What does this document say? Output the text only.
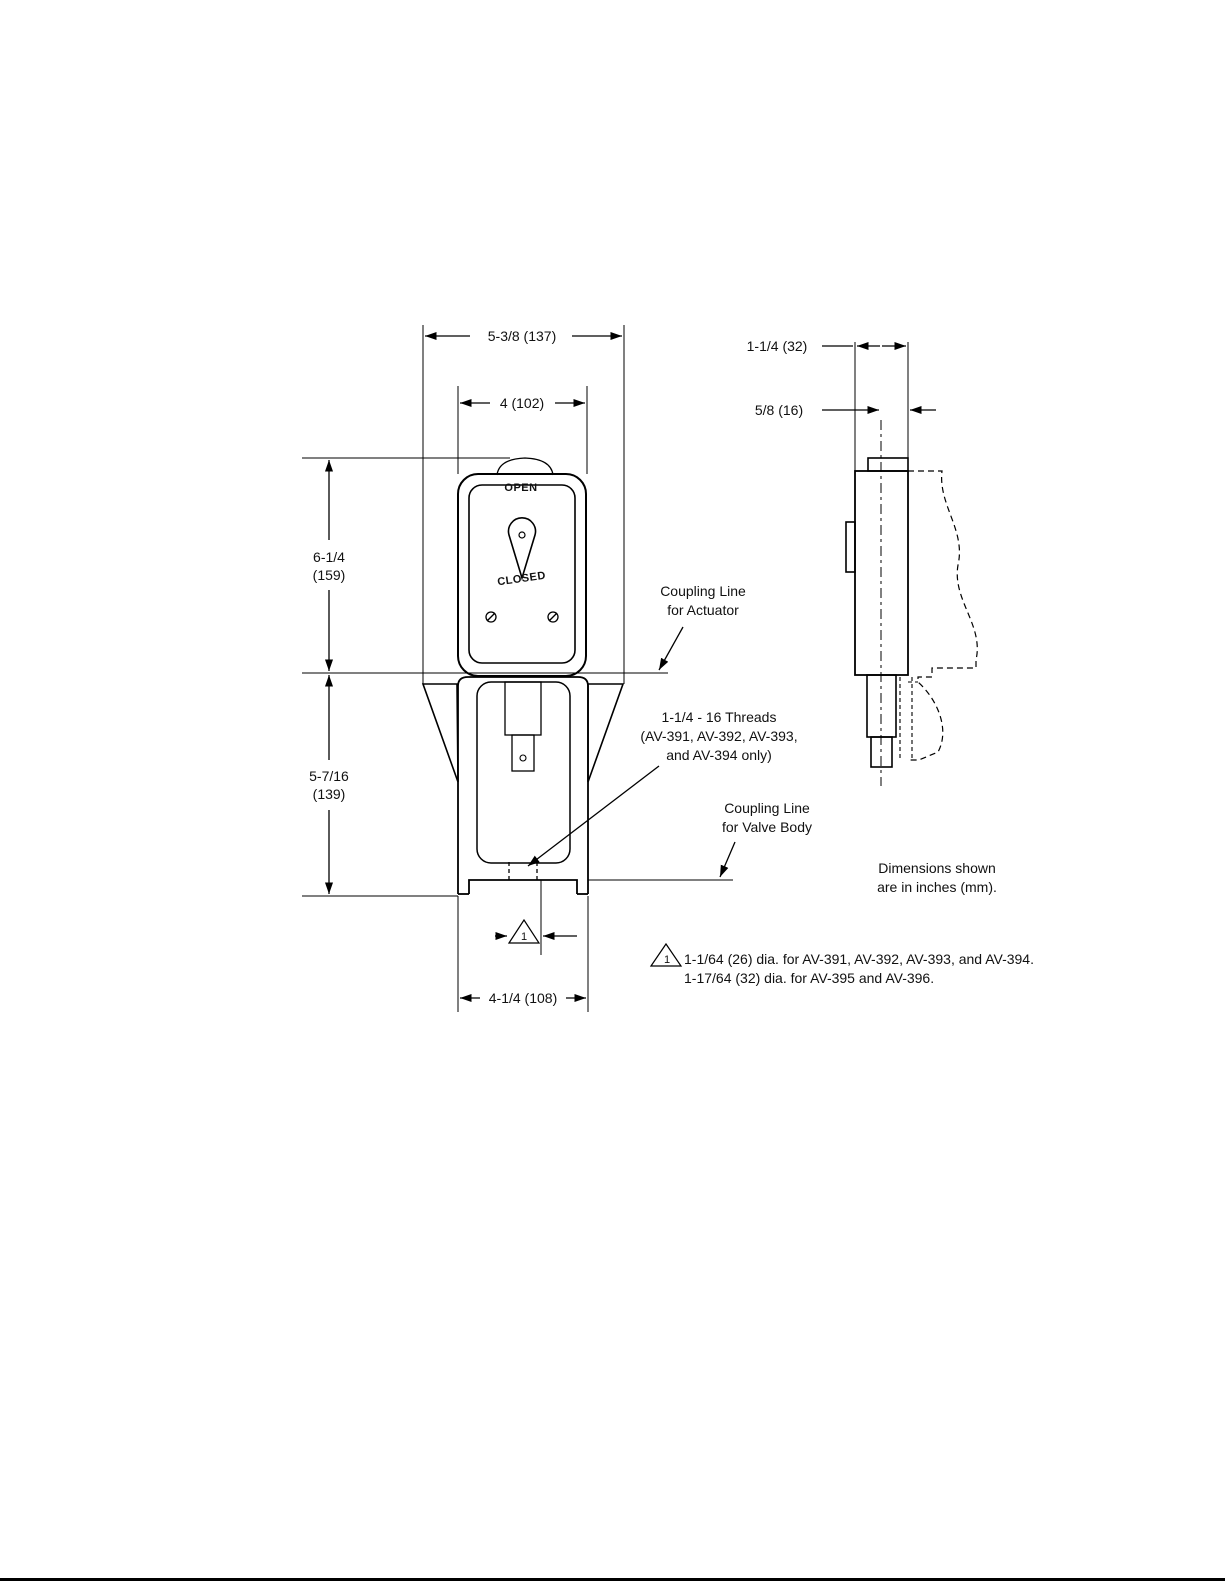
5-3/8 (137)
4 (102)
6-1/4
(159)
5-7/16
(139)
4-1/4 (108)
1
OPEN
CLOSED
Coupling Line
for Actuator
1-1/4 - 16 Threads
(AV-391, AV-392, AV-393,
and AV-394 only)
Coupling Line
for Valve Body
1-1/4 (32)
5/8 (16)
Dimensions shown
are in inches (mm).
1 1-1/64 (26) dia. for AV-391, AV-392, AV-393, and AV-394.
1-17/64 (32) dia. for AV-395 and AV-396.
